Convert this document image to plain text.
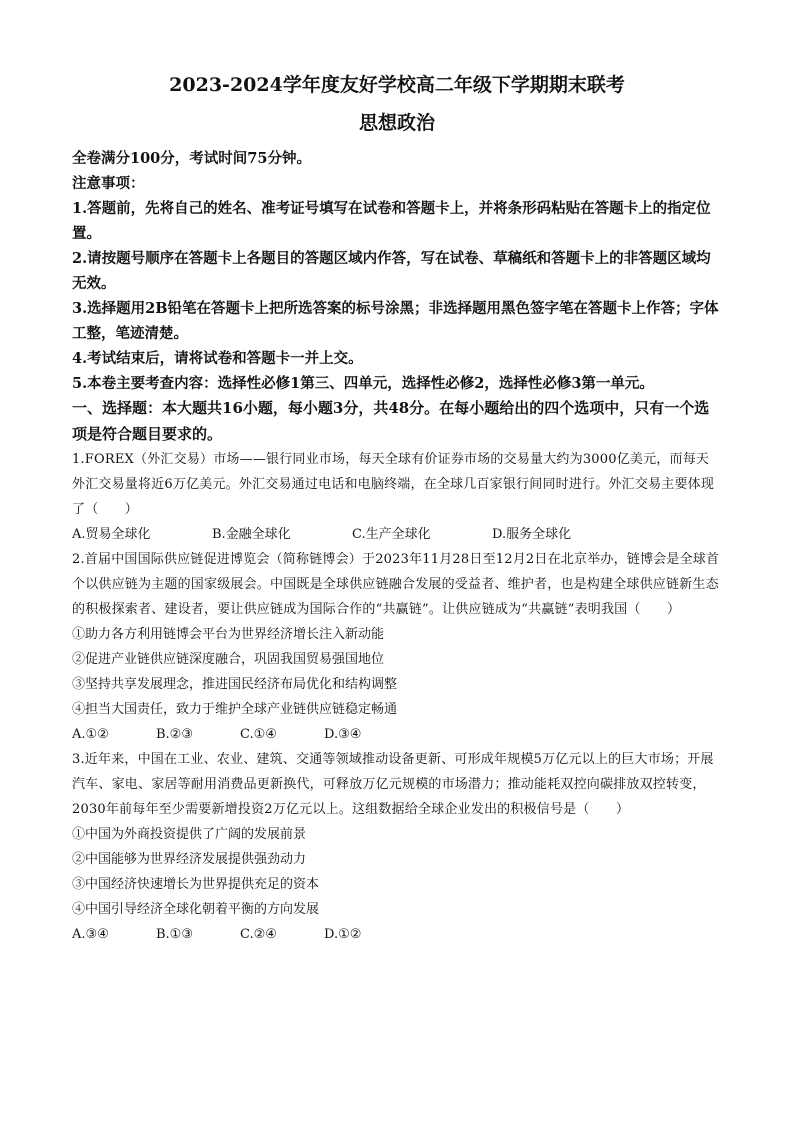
2023-2024学年度友好学校高二年级下学期期末联考
思想政治

全卷满分100分，考试时间75分钟。

注意事项：

1.答题前，先将自己的姓名、准考证号填写在试卷和答题卡上，并将条形码粘贴在答题卡上的指定位置。

2.请按题号顺序在答题卡上各题目的答题区域内作答，写在试卷、草稿纸和答题卡上的非答题区域均无效。

3.选择题用2B铅笔在答题卡上把所选答案的标号涂黑；非选择题用黑色签字笔在答题卡上作答；字体工整，笔迹清楚。

4.考试结束后，请将试卷和答题卡一并上交。

5.本卷主要考查内容：选择性必修1第三、四单元，选择性必修2，选择性必修3第一单元。

一、选择题：本大题共16小题，每小题3分，共48分。在每小题给出的四个选项中，只有一个选项是符合题目要求的。

1.FOREX（外汇交易）市场——银行同业市场，每天全球有价证券市场的交易量大约为3000亿美元，而每天外汇交易量将近6万亿美元。外汇交易通过电话和电脑终端，在全球几百家银行间同时进行。外汇交易主要体现了（　　）

A.贸易全球化	B.金融全球化	C.生产全球化	D.服务全球化

2.首届中国国际供应链促进博览会（简称链博会）于2023年11月28日至12月2日在北京举办，链博会是全球首个以供应链为主题的国家级展会。中国既是全球供应链融合发展的受益者、维护者，也是构建全球供应链新生态的积极探索者、建设者，要让供应链成为国际合作的“共赢链”。让供应链成为“共赢链”表明我国（　　）

①助力各方利用链博会平台为世界经济增长注入新动能

②促进产业链供应链深度融合，巩固我国贸易强国地位

③坚持共享发展理念，推进国民经济布局优化和结构调整

④担当大国责任，致力于维护全球产业链供应链稳定畅通

A.①②	B.②③	C.①④	D.③④

3.近年来，中国在工业、农业、建筑、交通等领域推动设备更新、可形成年规模5万亿元以上的巨大市场；开展汽车、家电、家居等耐用消费品更新换代，可释放万亿元规模的市场潜力；推动能耗双控向碳排放双控转变，2030年前每年至少需要新增投资2万亿元以上。这组数据给全球企业发出的积极信号是（　　）

①中国为外商投资提供了广阔的发展前景

②中国能够为世界经济发展提供强劲动力

③中国经济快速增长为世界提供充足的资本

④中国引导经济全球化朝着平衡的方向发展

A.③④	B.①③	C.②④	D.①②
